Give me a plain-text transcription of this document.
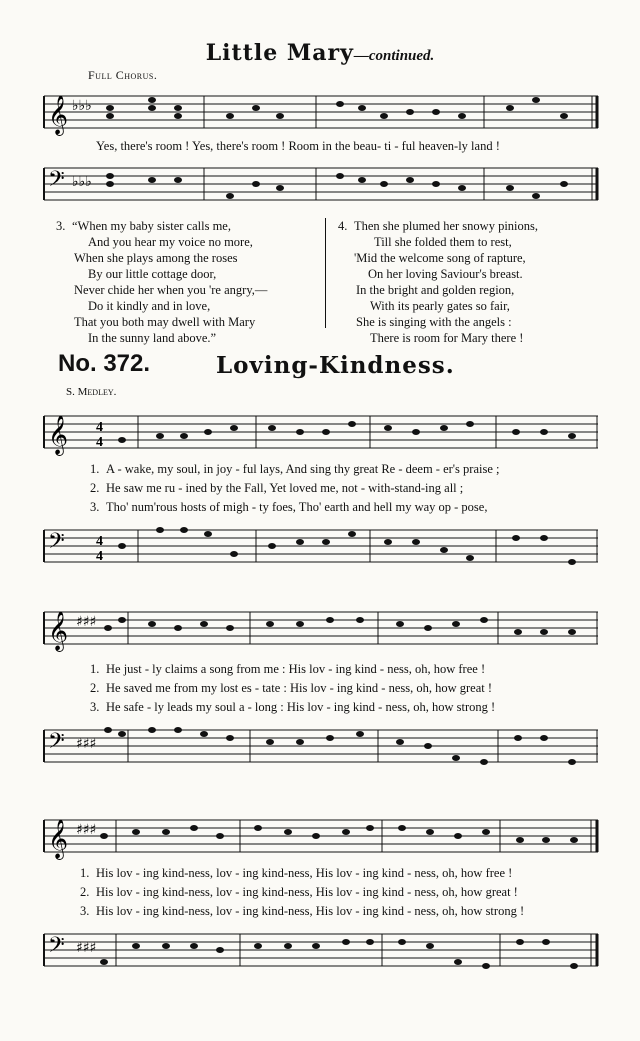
Little Mary—continued.
Full Chorus.
𝄞 ♭♭♭
Yes, there's room ! Yes, there's room ! Room in the beau- ti - ful heaven-ly land !
𝄢 ♭♭♭
3. “When my baby sister calls me,
And you hear my voice no more,
When she plays among the roses
By our little cottage door,
Never chide her when you 're angry,—
Do it kindly and in love,
That you both may dwell with Mary
In the sunny land above.”
4. Then she plumed her snowy pinions,
Till she folded them to rest,
'Mid the welcome song of rapture,
On her loving Saviour's breast.
In the bright and golden region,
With its pearly gates so fair,
She is singing with the angels :
There is room for Mary there !
No. 372.	Loving-Kindness.
S. Medley.
𝄞 4
4
1. A - wake, my soul, in joy - ful lays, And sing thy great Re - deem - er's praise ;
2. He saw me ru - ined by the Fall, Yet loved me, not - with-stand-ing all ;
3. Tho' num'rous hosts of migh - ty foes, Tho' earth and hell my way op - pose,
𝄢 4
4
𝄞 ♯♯♯
1. He just - ly claims a song from me : His lov - ing kind - ness, oh, how free !
2. He saved me from my lost es - tate : His lov - ing kind - ness, oh, how great !
3. He safe - ly leads my soul a - long : His lov - ing kind - ness, oh, how strong !
𝄢 ♯♯♯
𝄞 ♯♯♯
1. His lov - ing kind-ness, lov - ing kind-ness, His lov - ing kind - ness, oh, how free !
2. His lov - ing kind-ness, lov - ing kind-ness, His lov - ing kind - ness, oh, how great !
3. His lov - ing kind-ness, lov - ing kind-ness, His lov - ing kind - ness, oh, how strong !
𝄢 ♯♯♯
